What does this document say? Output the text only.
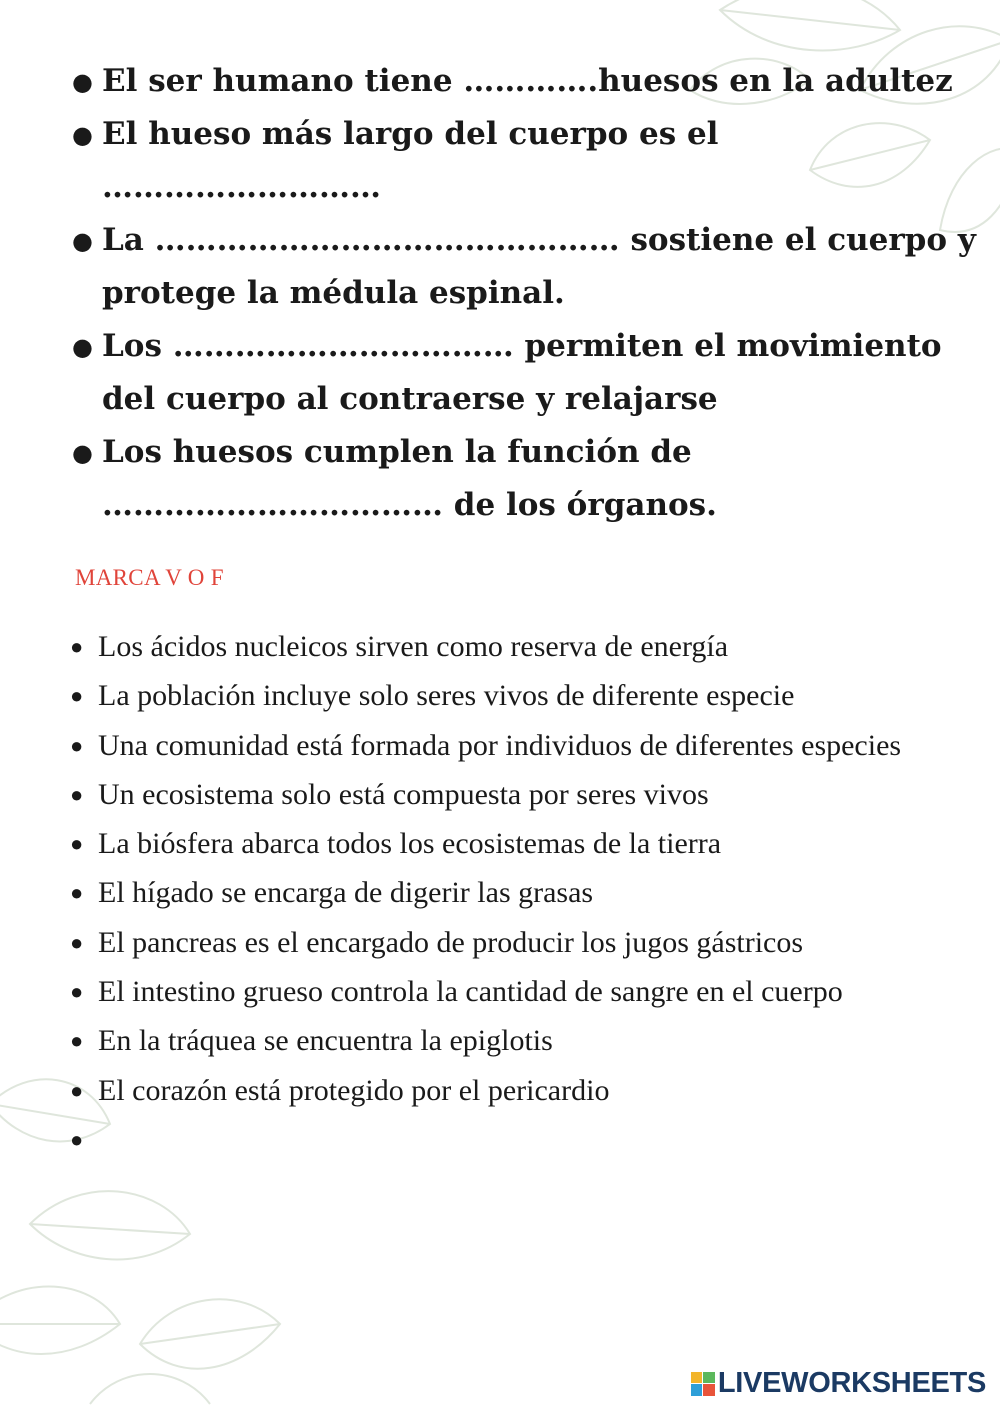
● El ser humano tiene ………….huesos en la adultez
● El hueso más largo del cuerpo es el ………………………
● La ……………………………………… sostiene el cuerpo y protege la médula espinal.
● Los …………………………… permiten el movimiento del cuerpo al contraerse y relajarse
● Los huesos cumplen la función de …………………………… de los órganos.
MARCA V O F
● Los ácidos nucleicos sirven como reserva de energía
● La población incluye solo seres vivos de diferente especie
● Una comunidad está formada por individuos de diferentes especies
● Un ecosistema solo está compuesta por seres vivos
● La biósfera abarca todos los ecosistemas de la tierra
● El hígado se encarga de digerir las grasas
● El pancreas es el encargado de producir los jugos gástricos
● El intestino grueso controla la cantidad de sangre en el cuerpo
● En la tráquea se encuentra la epiglotis
● El corazón está protegido por el pericardio
●

LIVEWORKSHEETS
